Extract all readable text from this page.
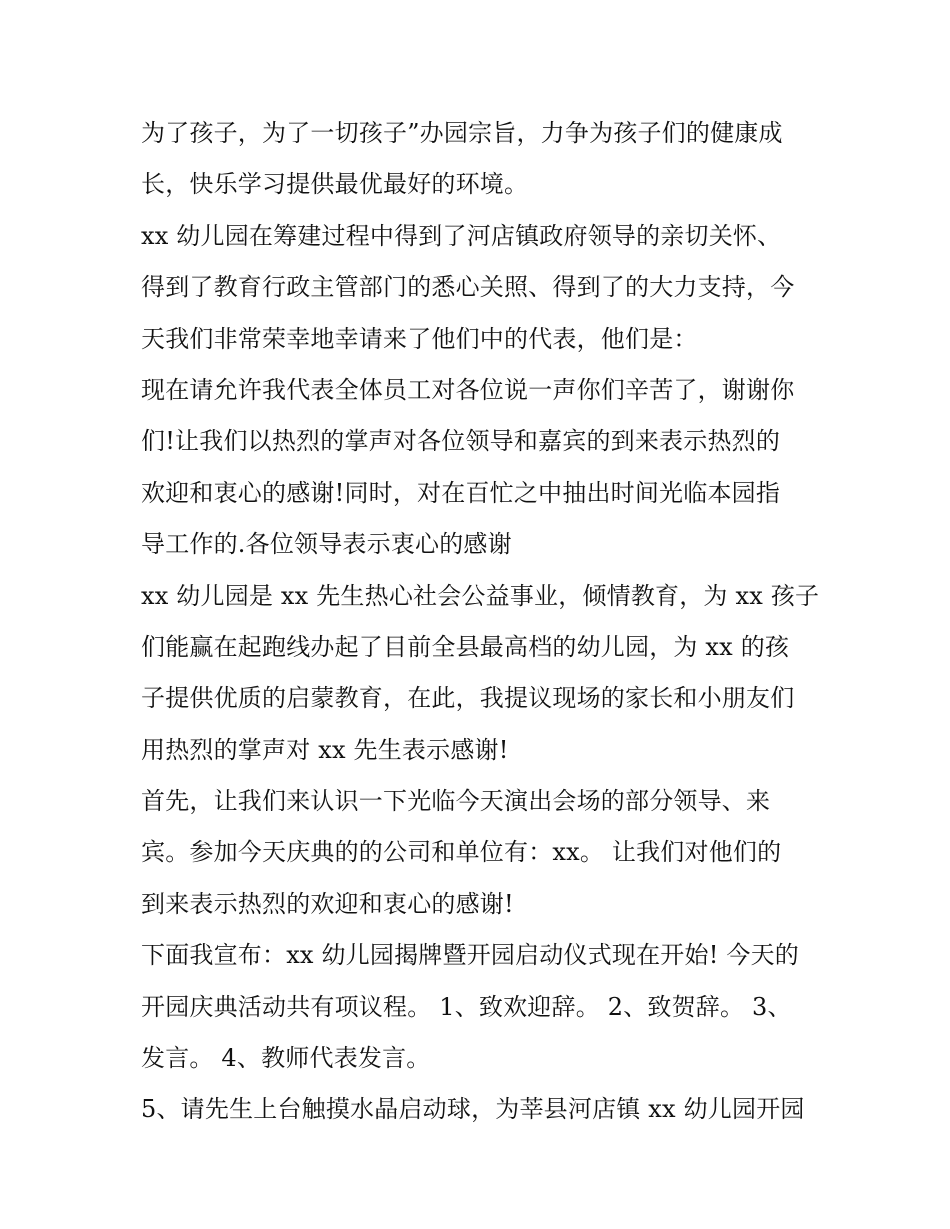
为了孩子，为了一切孩子”办园宗旨，力争为孩子们的健康成
长，快乐学习提供最优最好的环境。
xx 幼儿园在筹建过程中得到了河店镇政府领导的亲切关怀、
得到了教育行政主管部门的悉心关照、得到了的大力支持，今
天我们非常荣幸地幸请来了他们中的代表，他们是：
现在请允许我代表全体员工对各位说一声你们辛苦了，谢谢你
们!让我们以热烈的掌声对各位领导和嘉宾的到来表示热烈的
欢迎和衷心的感谢!同时，对在百忙之中抽出时间光临本园指
导工作的.各位领导表示衷心的感谢
xx 幼儿园是 xx 先生热心社会公益事业，倾情教育，为 xx 孩子
们能赢在起跑线办起了目前全县最高档的幼儿园，为 xx 的孩
子提供优质的启蒙教育，在此，我提议现场的家长和小朋友们
用热烈的掌声对 xx 先生表示感谢!
首先，让我们来认识一下光临今天演出会场的部分领导、来
宾。参加今天庆典的的公司和单位有：xx。 让我们对他们的
到来表示热烈的欢迎和衷心的感谢!
下面我宣布：xx 幼儿园揭牌暨开园启动仪式现在开始! 今天的
开园庆典活动共有项议程。 1、致欢迎辞。 2、致贺辞。 3、
发言。 4、教师代表发言。
5、请先生上台触摸水晶启动球，为莘县河店镇 xx 幼儿园开园
